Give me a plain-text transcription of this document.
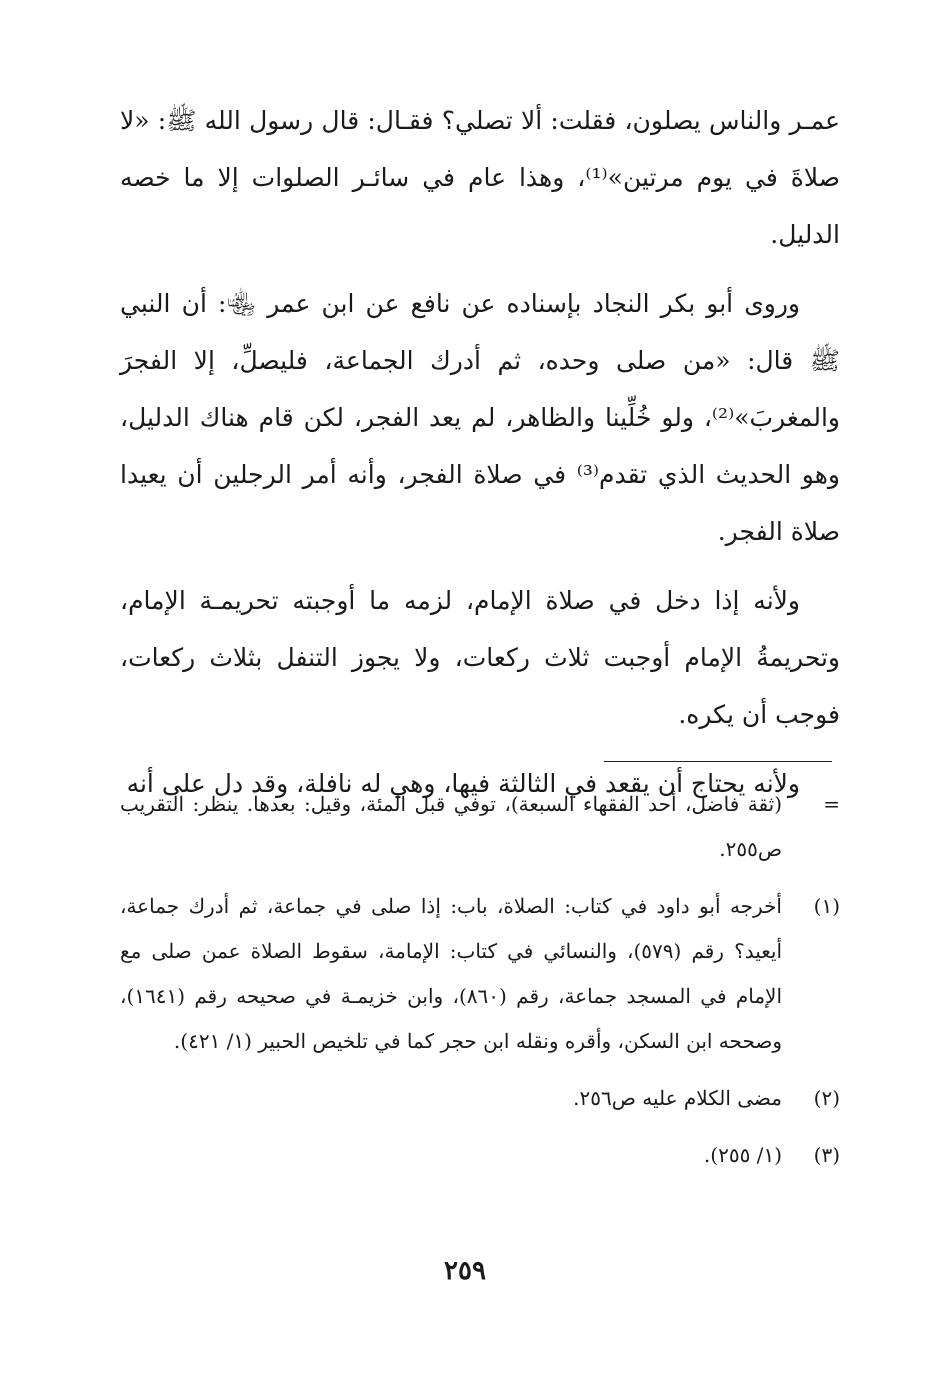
عمـر والناس يصلون، فقلت: ألا تصلي؟ فقـال: قال رسول الله ﷺ: «لا صلاةَ في يوم مرتين»⁽¹⁾، وهذا عام في سائـر الصلوات إلا ما خصه الدليل.

وروى أبو بكر النجاد بإسناده عن نافع عن ابن عمر ﵄: أن النبي ﷺ قال: «من صلى وحده، ثم أدرك الجماعة، فليصلِّ، إلا الفجرَ والمغربَ»⁽²⁾، ولو خُلِّينا والظاهر، لم يعد الفجر، لكن قام هناك الدليل، وهو الحديث الذي تقدم⁽³⁾ في صلاة الفجر، وأنه أمر الرجلين أن يعيدا صلاة الفجر.

ولأنه إذا دخل في صلاة الإمام، لزمه ما أوجبته تحريمـة الإمام، وتحريمةُ الإمام أوجبت ثلاث ركعات، ولا يجوز التنفل بثلاث ركعات، فوجب أن يكره.

ولأنه يحتاج أن يقعد في الثالثة فيها، وهي له نافلة، وقد دل على أنه

=
(ثقة فاضل، أحد الفقهاء السبعة)، توفي قبل المئة، وقيل: بعدها. ينظر: التقريب ص٢٥٥.
(١)
أخرجه أبو داود في كتاب: الصلاة، باب: إذا صلى في جماعة، ثم أدرك جماعة، أيعيد؟ رقم (٥٧٩)، والنسائي في كتاب: الإمامة، سقوط الصلاة عمن صلى مع الإمام في المسجد جماعة، رقم (٨٦٠)، وابن خزيمـة في صحيحه رقم (١٦٤١)، وصححه ابن السكن، وأقره ونقله ابن حجر كما في تلخيص الحبير (١/ ٤٢١).
(٢)
مضى الكلام عليه ص٢٥٦.
(٣)
(١/ ٢٥٥).
٢٥٩
